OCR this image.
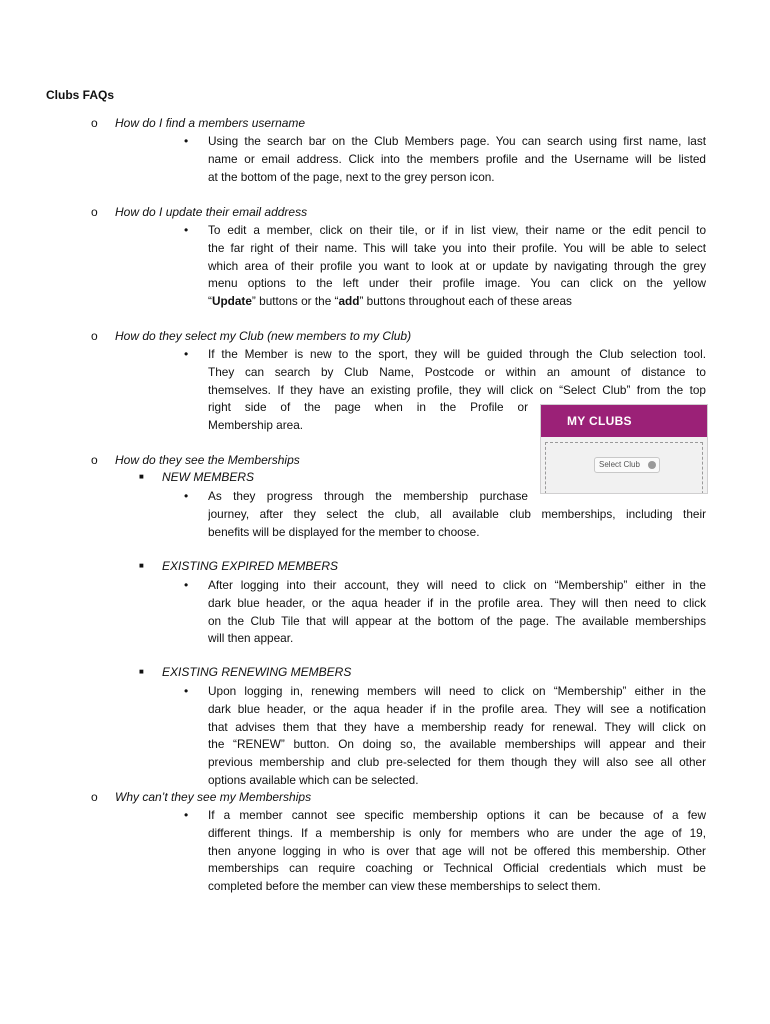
Clubs FAQs
o How do I find a members username
• Using the search bar on the Club Members page. You can search using first name, last
name or email address. Click into the members profile and the Username will be listed
at the bottom of the page, next to the grey person icon.
o How do I update their email address
• To edit a member, click on their tile, or if in list view, their name or the edit pencil to
the far right of their name. This will take you into their profile. You will be able to select
which area of their profile you want to look at or update by navigating through the grey
menu options to the left under their profile image. You can click on the yellow
“Update” buttons or the “add” buttons throughout each of these areas
o How do they select my Club (new members to my Club)
• If the Member is new to the sport, they will be guided through the Club selection tool.
They can search by Club Name, Postcode or within an amount of distance to
themselves. If they have an existing profile, they will click on “Select Club” from the top
right side of the page when in the Profile or
Membership area.	MY CLUBS
Select Club
o How do they see the Memberships
■ NEW MEMBERS
• As they progress through the membership purchase
journey, after they select the club, all available club memberships, including their
benefits will be displayed for the member to choose.
■ EXISTING EXPIRED MEMBERS
• After logging into their account, they will need to click on “Membership” either in the
dark blue header, or the aqua header if in the profile area. They will then need to click
on the Club Tile that will appear at the bottom of the page. The available memberships
will then appear.
■ EXISTING RENEWING MEMBERS
• Upon logging in, renewing members will need to click on “Membership” either in the
dark blue header, or the aqua header if in the profile area. They will see a notification
that advises them that they have a membership ready for renewal. They will click on
the “RENEW” button. On doing so, the available memberships will appear and their
previous membership and club pre-selected for them though they will also see all other
options available which can be selected.
o Why can’t they see my Memberships
• If a member cannot see specific membership options it can be because of a few
different things. If a membership is only for members who are under the age of 19,
then anyone logging in who is over that age will not be offered this membership. Other
memberships can require coaching or Technical Official credentials which must be
completed before the member can view these memberships to select them.
